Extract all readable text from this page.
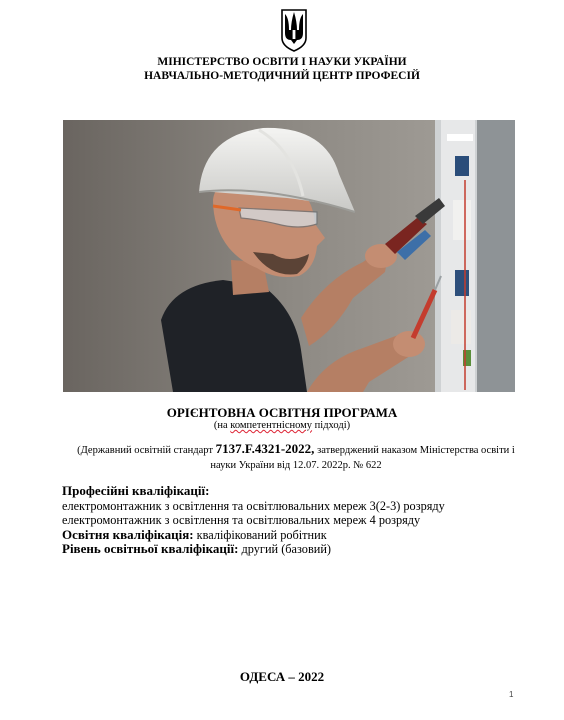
МІНІСТЕРСТВО ОСВІТИ І НАУКИ УКРАЇНИ
НАВЧАЛЬНО-МЕТОДИЧНИЙ ЦЕНТР ПРОФЕСІЙ
ОРІЄНТОВНА ОСВІТНЯ ПРОГРАМА
(на компетентнісному підході)
(Державний освітній стандарт 7137.F.4321-2022, затверджений наказом Міністерства освіти і науки України від 12.07. 2022р. № 622
Професійні кваліфікації:
електромонтажник з освітлення та освітлювальних мереж 3(2-3) розряду
електромонтажник з освітлення та освітлювальних мереж 4 розряду
Освітня кваліфікація: кваліфікований робітник
Рівень освітньої кваліфікації: другий (базовий)
ОДЕСА – 2022
1
